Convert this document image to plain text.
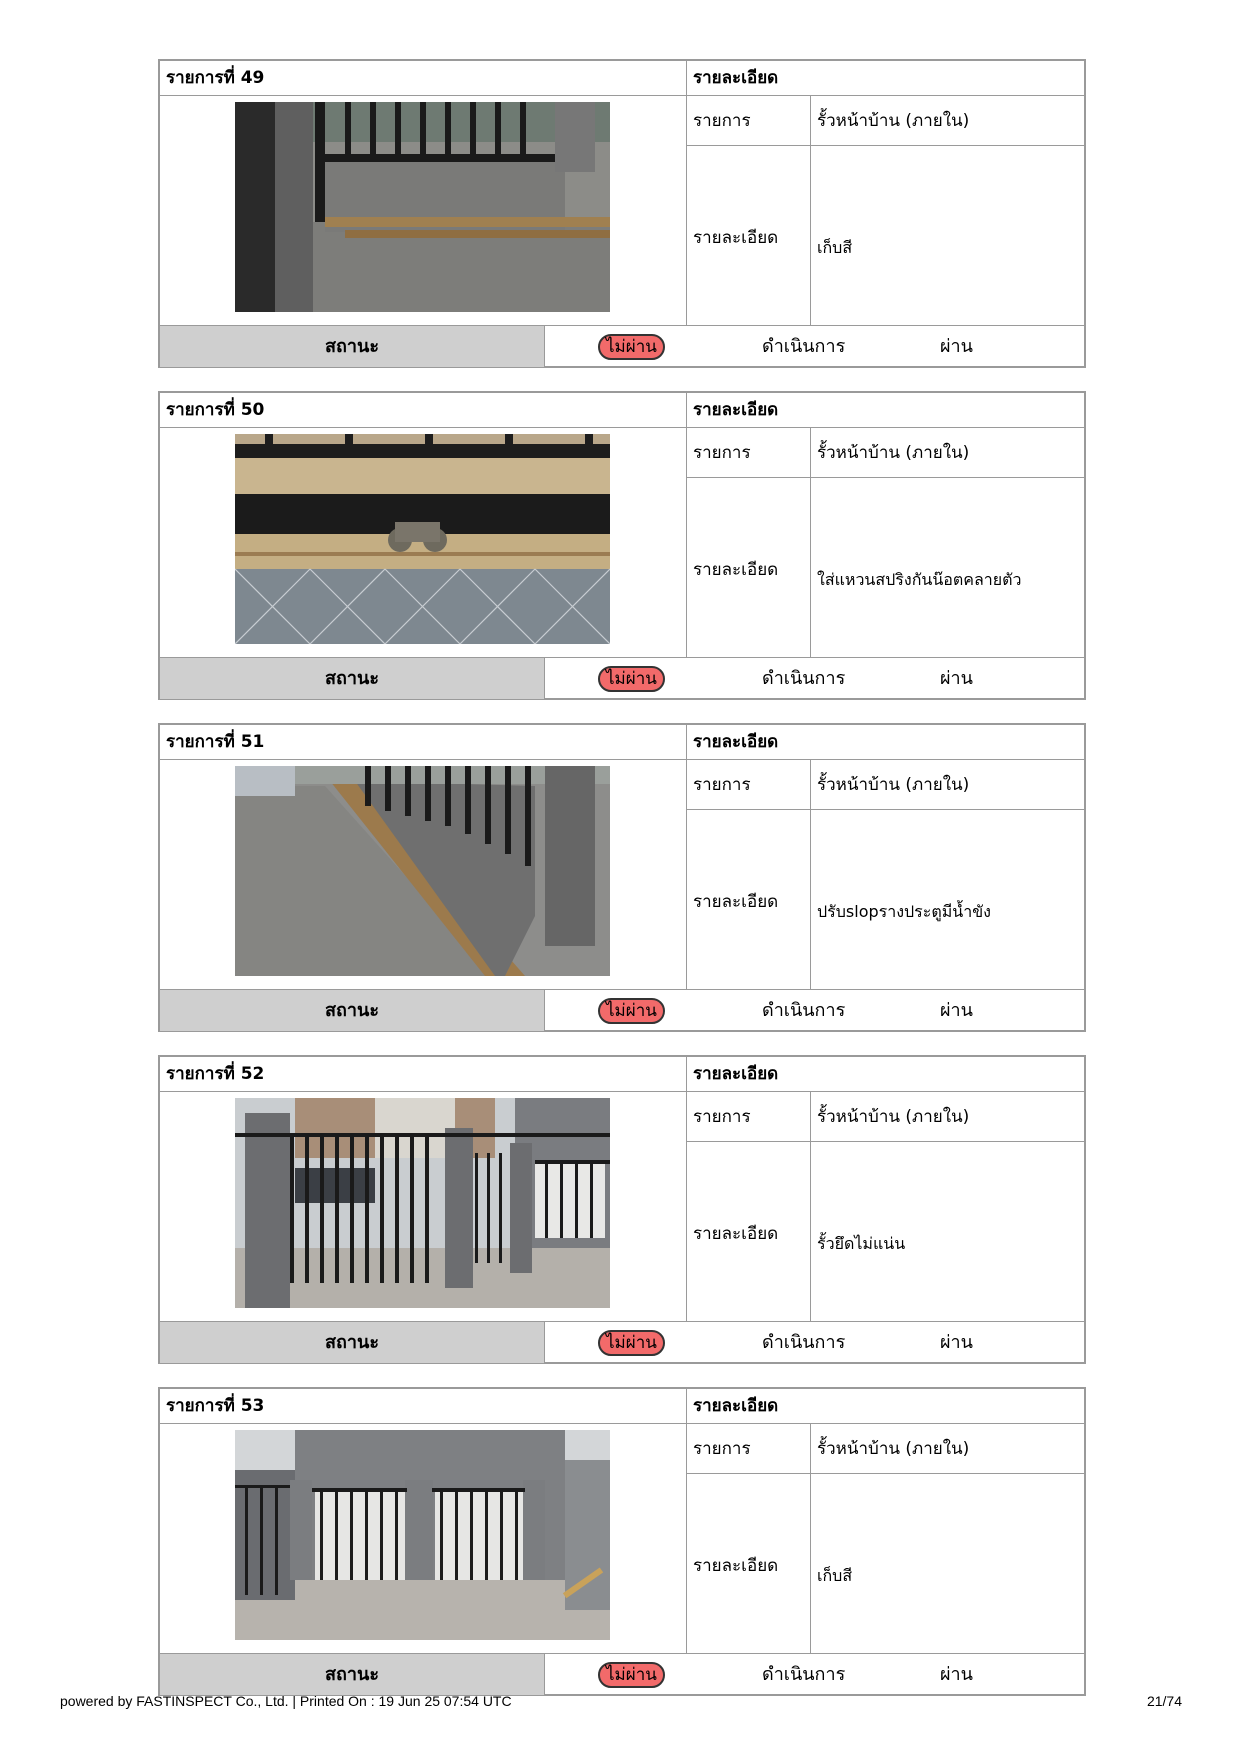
รายการที่ 49	รายละเอียด
รายการ	รั้วหน้าบ้าน (ภายใน)
รายละเอียด	เก็บสี
สถานะ	ไม่ผ่าน	ดำเนินการ	ผ่าน
รายการที่ 50	รายละเอียด
รายการ	รั้วหน้าบ้าน (ภายใน)
รายละเอียด	ใส่แหวนสปริงกันน๊อตคลายตัว
สถานะ	ไม่ผ่าน	ดำเนินการ	ผ่าน
รายการที่ 51	รายละเอียด
รายการ	รั้วหน้าบ้าน (ภายใน)
รายละเอียด	ปรับslopรางประตูมีน้ำขัง
สถานะ	ไม่ผ่าน	ดำเนินการ	ผ่าน
รายการที่ 52	รายละเอียด
รายการ	รั้วหน้าบ้าน (ภายใน)
รายละเอียด	รั้วยึดไม่แน่น
สถานะ	ไม่ผ่าน	ดำเนินการ	ผ่าน
รายการที่ 53	รายละเอียด
รายการ	รั้วหน้าบ้าน (ภายใน)
รายละเอียด	เก็บสี
สถานะ	ไม่ผ่าน	ดำเนินการ	ผ่าน
powered by FASTINSPECT Co., Ltd. | Printed On : 19 Jun 25 07:54 UTC	21/74
